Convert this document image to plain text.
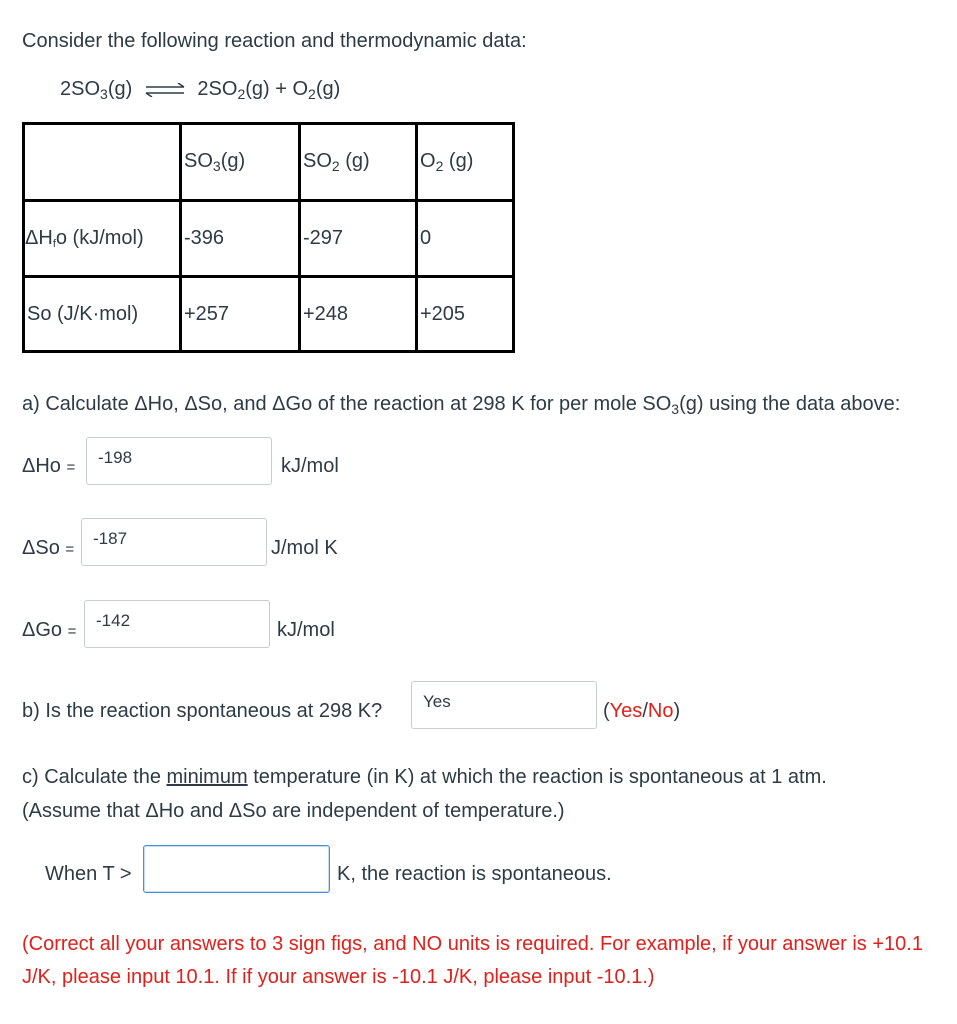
Consider the following reaction and thermodynamic data:
$2SO_3(g)$ ⇌ $2SO_2(g) + O_2(g)$
	$SO_3(g)$	$SO_2$ (g)	$O_2$ (g)
ΔHfo (kJ/mol)	-396	-297	0
So (J/K·mol)	+257	+248	+205
a) Calculate ΔHo, ΔSo, and ΔGo of the reaction at 298 K for per mole $SO_3(g)$ using the data above:
ΔHo =
-198	kJ/mol
ΔSo =
-187	J/mol K
ΔGo =
-142	kJ/mol
b) Is the reaction spontaneous at 298 K?	Yes	(Yes/No)
c) Calculate the minimum temperature (in K) at which the reaction is spontaneous at 1 atm.
(Assume that ΔHo and ΔSo are independent of temperature.)
When T >	K, the reaction is spontaneous.
(Correct all your answers to 3 sign figs, and NO units is required. For example, if your answer is +10.1 J/K, please input 10.1. If if your answer is -10.1 J/K, please input -10.1.)
